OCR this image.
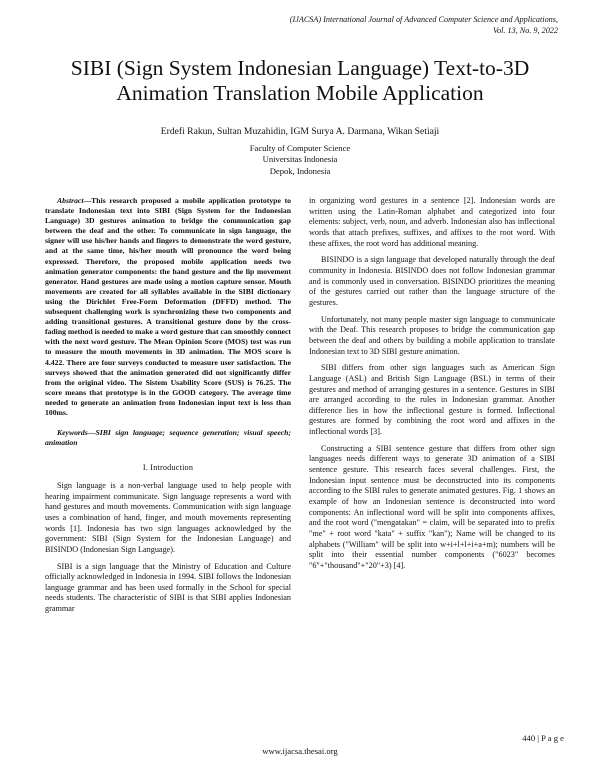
(IJACSA) International Journal of Advanced Computer Science and Applications,
Vol. 13, No. 9, 2022
SIBI (Sign System Indonesian Language) Text-to-3D
Animation Translation Mobile Application
Erdefi Rakun, Sultan Muzahidin, IGM Surya A. Darmana, Wikan Setiaji
Faculty of Computer Science
Universitas Indonesia
Depok, Indonesia

Abstract—This research proposed a mobile application prototype to translate Indonesian text into SIBI (Sign System for the Indonesian Language) 3D gestures animation to bridge the communication gap between the deaf and the other. To communicate in sign language, the signer will use his/her hands and fingers to demonstrate the word gesture, and at the same time, his/her mouth will pronounce the word being expressed. Therefore, the proposed mobile application needs two animation generator components: the hand gesture and the lip movement generator. Hand gestures are made using a motion capture sensor. Mouth movements are created for all syllables available in the SIBI dictionary using the Dirichlet Free-Form Deformation (DFFD) method. The subsequent challenging work is synchronizing these two components and adding transitional gestures. A transitional gesture done by the cross-fading method is needed to make a word gesture that can smoothly connect with the next word gesture. The Mean Opinion Score (MOS) test was run to measure the mouth movements in 3D animation. The MOS score is 4.422. There are four surveys conducted to measure user satisfaction. The surveys showed that the animation generated did not significantly differ from the original video. The Sistem Usability Score (SUS) is 76.25. The score means that prototype is in the GOOD category. The average time needed to generate an animation from Indonesian input text is less than 100ms.

Keywords—SIBI sign language; sequence generation; visual speech; animation

I. Introduction

Sign language is a non-verbal language used to help people with hearing impairment communicate. Sign language represents a word with hand gestures and mouth movements. Communication with sign language uses a combination of hand, finger, and mouth movements representing words [1]. Indonesia has two sign languages acknowledged by the government: SIBI (Sign System for the Indonesian Language) and BISINDO (Indonesian Sign Language).

SIBI is a sign language that the Ministry of Education and Culture officially acknowledged in Indonesia in 1994. SIBI follows the Indonesian language grammar and has been used formally in the School for special needs students. The characteristic of SIBI is that SIBI applies Indonesian grammar

in organizing word gestures in a sentence [2]. Indonesian words are written using the Latin-Roman alphabet and categorized into four elements: subject, verb, noun, and adverb. Indonesian also has inflectional words that attach prefixes, suffixes, and affixes to the root word. With these affixes, the root word has additional meaning.

BISINDO is a sign language that developed naturally through the deaf community in Indonesia. BISINDO does not follow Indonesian grammar and is commonly used in conversation. BISINDO prioritizes the meaning of the gestures carried out rather than the language structure of the gestures.

Unfortunately, not many people master sign language to communicate with the Deaf. This research proposes to bridge the communication gap between the deaf and others by building a mobile application to translate Indonesian text to 3D SIBI gesture animation.

SIBI differs from other sign languages such as American Sign Language (ASL) and British Sign Language (BSL) in terms of their gestures and method of arranging gestures in a sentence. Gestures in SIBI are arranged according to the rules in Indonesian grammar. Another difference lies in how the inflectional gesture is formed. Inflectional gestures are formed by combining the root word and affixes in the inflectional words [3].

Constructing a SIBI sentence gesture that differs from other sign languages needs different ways to generate 3D animation of a SIBI sentence gesture. This research faces several challenges. First, the Indonesian input sentence must be deconstructed into its components according to the SIBI rules to generate animated gestures. Fig. 1 shows an example of how an Indonesian sentence is deconstructed into word components: An inflectional word will be split into components affixes, and the root word ("mengatakan" = claim, will be separated into to prefix "me" + root word "kata" + suffix "kan"); Name will be changed to its alphabets ("William" will be split into w+i+l+l+i+a+m); numbers will be split into their essential number components ("6023" becomes "6"+"thousand"+"20"+3) [4].

440 | P a g e
www.ijacsa.thesai.org
